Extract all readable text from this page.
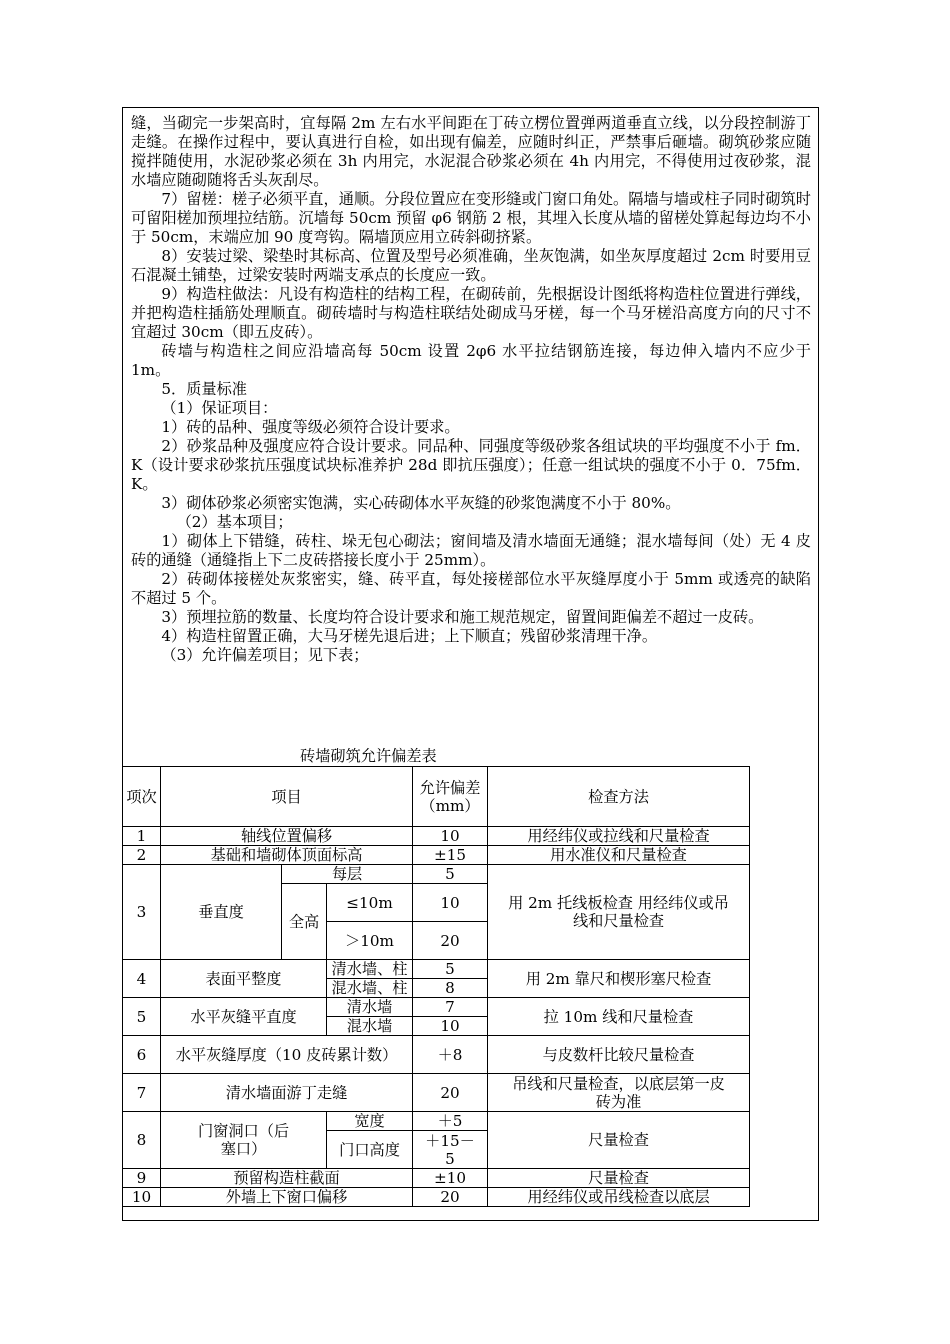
缝，当砌完一步架高时，宜每隔 2m 左右水平间距在丁砖立楞位置弹两道垂直立线，以分段控制游丁走缝。在操作过程中，要认真进行自检，如出现有偏差，应随时纠正，严禁事后砸墙。砌筑砂浆应随搅拌随使用，水泥砂浆必须在 3h 内用完，水泥混合砂浆必须在 4h 内用完，不得使用过夜砂浆，混水墙应随砌随将舌头灰刮尽。

7）留槎：槎子必须平直，通顺。分段位置应在变形缝或门窗口角处。隔墙与墙或柱子同时砌筑时可留阳槎加预埋拉结筋。沉墙每 50cm 预留 φ6 钢筋 2 根，其埋入长度从墙的留槎处算起每边均不小于 50cm，末端应加 90 度弯钩。隔墙顶应用立砖斜砌挤紧。

8）安装过梁、梁垫时其标高、位置及型号必须准确，坐灰饱满，如坐灰厚度超过 2cm 时要用豆石混凝土铺垫，过梁安装时两端支承点的长度应一致。

9）构造柱做法：凡设有构造柱的结构工程，在砌砖前，先根据设计图纸将构造柱位置进行弹线，并把构造柱插筋处理顺直。砌砖墙时与构造柱联结处砌成马牙槎，每一个马牙槎沿高度方向的尺寸不宜超过 30cm（即五皮砖）。

砖墙与构造柱之间应沿墙高每 50cm 设置 2φ6 水平拉结钢筋连接，每边伸入墙内不应少于 1m。

5．质量标准

（1）保证项目：

1）砖的品种、强度等级必须符合设计要求。

2）砂浆品种及强度应符合设计要求。同品种、同强度等级砂浆各组试块的平均强度不小于 fm．K（设计要求砂浆抗压强度试块标准养护 28d 即抗压强度）；任意一组试块的强度不小于 0．75fm．K。

3）砌体砂浆必须密实饱满，实心砖砌体水平灰缝的砂浆饱满度不小于 80%。

（2）基本项目；

1）砌体上下错缝，砖柱、垛无包心砌法；窗间墙及清水墙面无通缝；混水墙每间（处）无 4 皮砖的通缝（通缝指上下二皮砖搭接长度小于 25mm）。

2）砖砌体接槎处灰浆密实，缝、砖平直，每处接槎部位水平灰缝厚度小于 5mm 或透亮的缺陷不超过 5 个。

3）预埋拉筋的数量、长度均符合设计要求和施工规范规定，留置间距偏差不超过一皮砖。

4）构造柱留置正确，大马牙槎先退后进；上下顺直；残留砂浆清理干净。

（3）允许偏差项目；见下表；

砖墙砌筑允许偏差表
项次	项目			允许偏差（mm）	检查方法
1	轴线位置偏移			10	用经纬仪或拉线和尺量检查
2	基础和墙砌体顶面标高			±15	用水准仪和尺量检查
3	垂直度	每层		5	用 2m 托线板检查 用经纬仪或吊线和尺量检查
		全高	≤10m	10	
			＞10m	20	
4	表面平整度		清水墙、柱	5	用 2m 靠尺和楔形塞尺检查
			混水墙、柱	8	
5	水平灰缝平直度		清水墙	7	拉 10m 线和尺量检查
			混水墙	10	
6	水平灰缝厚度（10 皮砖累计数）			＋8	与皮数杆比较尺量检查
7	清水墙面游丁走缝			20	吊线和尺量检查，以底层第一皮砖为准
8	门窗洞口（后塞口）		宽度	＋5	尺量检查
			门口高度	＋15－5	
9	预留构造柱截面			±10	尺量检查
10	外墙上下窗口偏移			20	用经纬仪或吊线检查以底层
